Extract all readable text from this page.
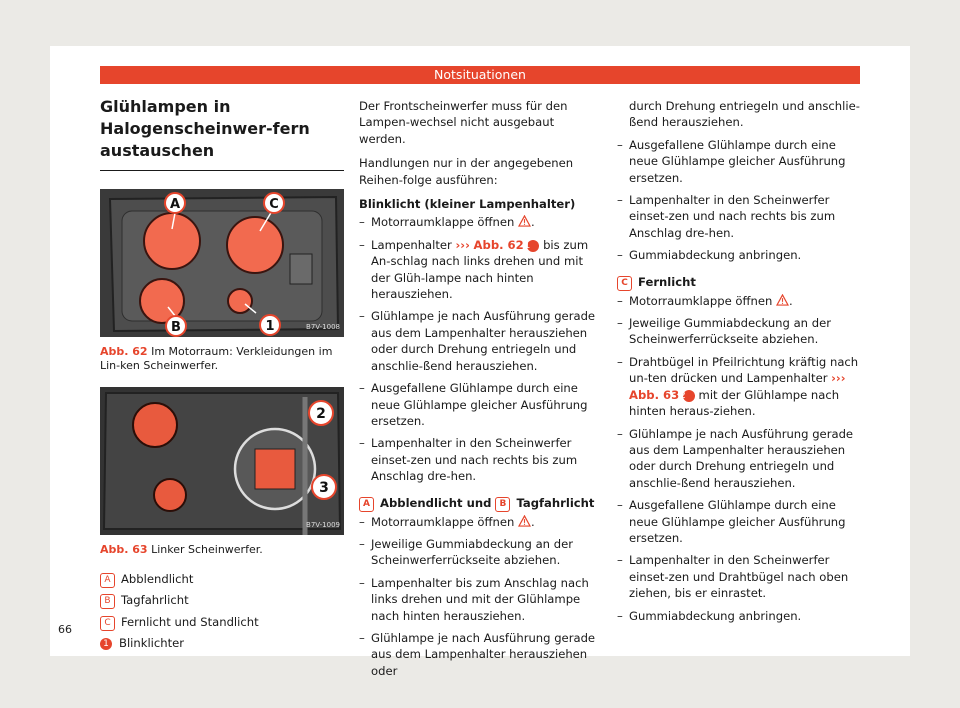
Notsituationen
Glühlampen in Halogenscheinwer-fern austauschen
A	C
B	1	B7V-1008
Abb. 62 Im Motorraum: Verkleidungen im Lin-ken Scheinwerfer.
2
3
B7V-1009
Abb. 63 Linker Scheinwerfer.
A Abblendlicht
B Tagfahrlicht
C Fernlicht und Standlicht
1 Blinklichter

Der Frontscheinwerfer muss für den Lampen-wechsel nicht ausgebaut werden.

Handlungen nur in der angegebenen Reihen-folge ausführen:

Blinklicht (kleiner Lampenhalter)
– Motorraumklappe öffnen .
– Lampenhalter ››› Abb. 62 1 bis zum An-schlag nach links drehen und mit der Glüh-lampe nach hinten herausziehen.
– Glühlampe je nach Ausführung gerade aus dem Lampenhalter herausziehen oder durch Drehung entriegeln und anschlie-ßend herausziehen.
– Ausgefallene Glühlampe durch eine neue Glühlampe gleicher Ausführung ersetzen.
– Lampenhalter in den Scheinwerfer einset-zen und nach rechts bis zum Anschlag dre-hen.
A Abblendlicht und B Tagfahrlicht
– Motorraumklappe öffnen .
– Jeweilige Gummiabdeckung an der Scheinwerferrückseite abziehen.
– Lampenhalter bis zum Anschlag nach links drehen und mit der Glühlampe nach hinten herausziehen.
– Glühlampe je nach Ausführung gerade aus dem Lampenhalter herausziehen oder
durch Drehung entriegeln und anschlie-ßend herausziehen.
– Ausgefallene Glühlampe durch eine neue Glühlampe gleicher Ausführung ersetzen.
– Lampenhalter in den Scheinwerfer einset-zen und nach rechts bis zum Anschlag dre-hen.
– Gummiabdeckung anbringen.
C Fernlicht
– Motorraumklappe öffnen .
– Jeweilige Gummiabdeckung an der Scheinwerferrückseite abziehen.
– Drahtbügel in Pfeilrichtung kräftig nach un-ten drücken und Lampenhalter ››› Abb. 63 2 mit der Glühlampe nach hinten heraus-ziehen.
– Glühlampe je nach Ausführung gerade aus dem Lampenhalter herausziehen oder durch Drehung entriegeln und anschlie-ßend herausziehen.
– Ausgefallene Glühlampe durch eine neue Glühlampe gleicher Ausführung ersetzen.
– Lampenhalter in den Scheinwerfer einset-zen und Drahtbügel nach oben ziehen, bis er einrastet.
– Gummiabdeckung anbringen.
66
